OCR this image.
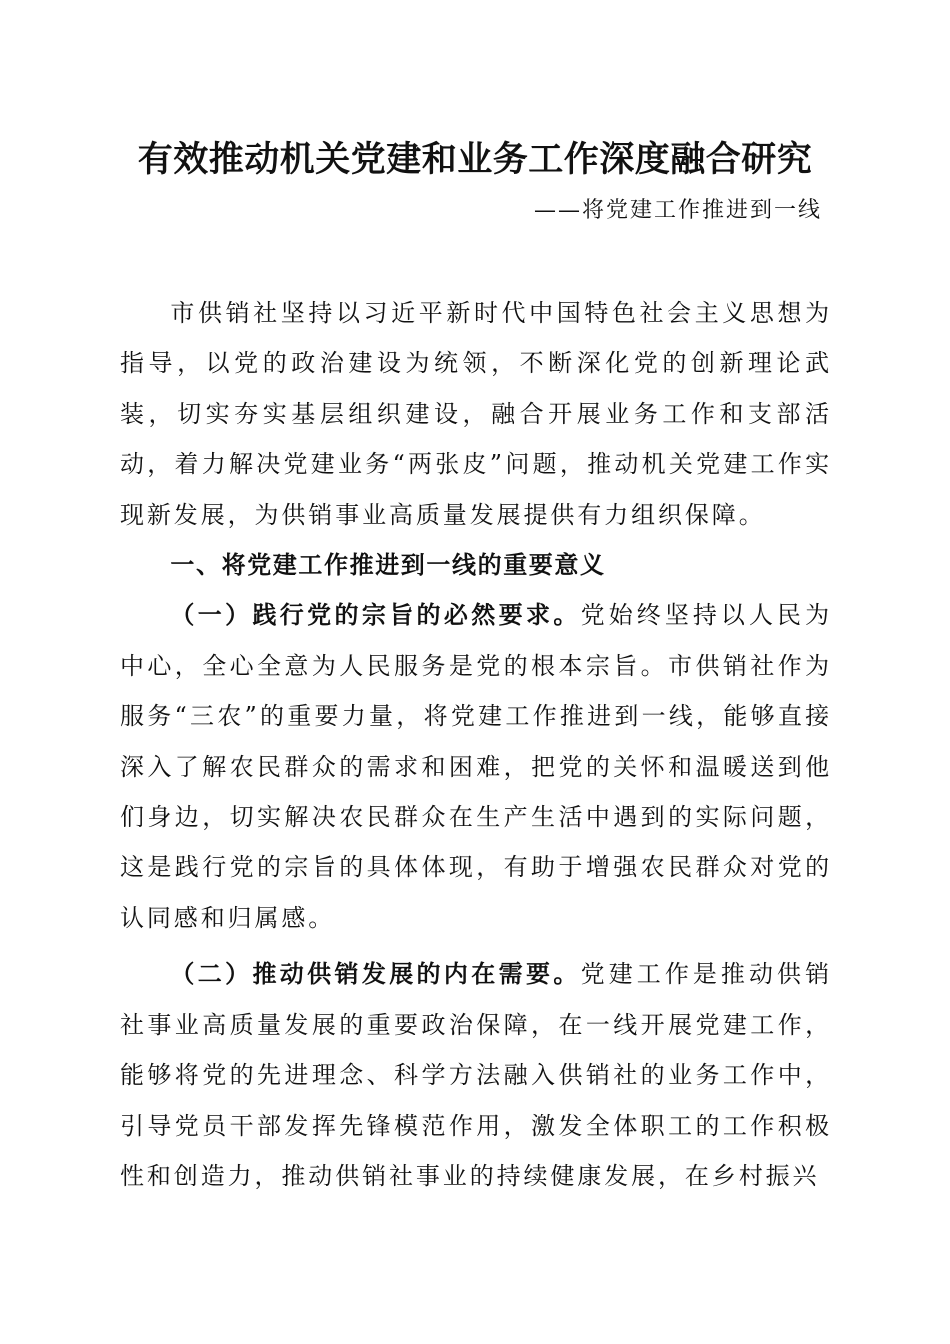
有效推动机关党建和业务工作深度融合研究
——将党建工作推进到一线

市供销社坚持以习近平新时代中国特色社会主义思想为指导，以党的政治建设为统领，不断深化党的创新理论武装，切实夯实基层组织建设，融合开展业务工作和支部活动，着力解决党建业务“两张皮”问题，推动机关党建工作实现新发展，为供销事业高质量发展提供有力组织保障。

一、将党建工作推进到一线的重要意义

（一）践行党的宗旨的必然要求。党始终坚持以人民为中心，全心全意为人民服务是党的根本宗旨。市供销社作为服务“三农”的重要力量，将党建工作推进到一线，能够直接深入了解农民群众的需求和困难，把党的关怀和温暖送到他们身边，切实解决农民群众在生产生活中遇到的实际问题，这是践行党的宗旨的具体体现，有助于增强农民群众对党的认同感和归属感。

（二）推动供销发展的内在需要。党建工作是推动供销社事业高质量发展的重要政治保障，在一线开展党建工作，能够将党的先进理念、科学方法融入供销社的业务工作中，引导党员干部发挥先锋模范作用，激发全体职工的工作积极性和创造力，推动供销社事业的持续健康发展，在乡村振兴
